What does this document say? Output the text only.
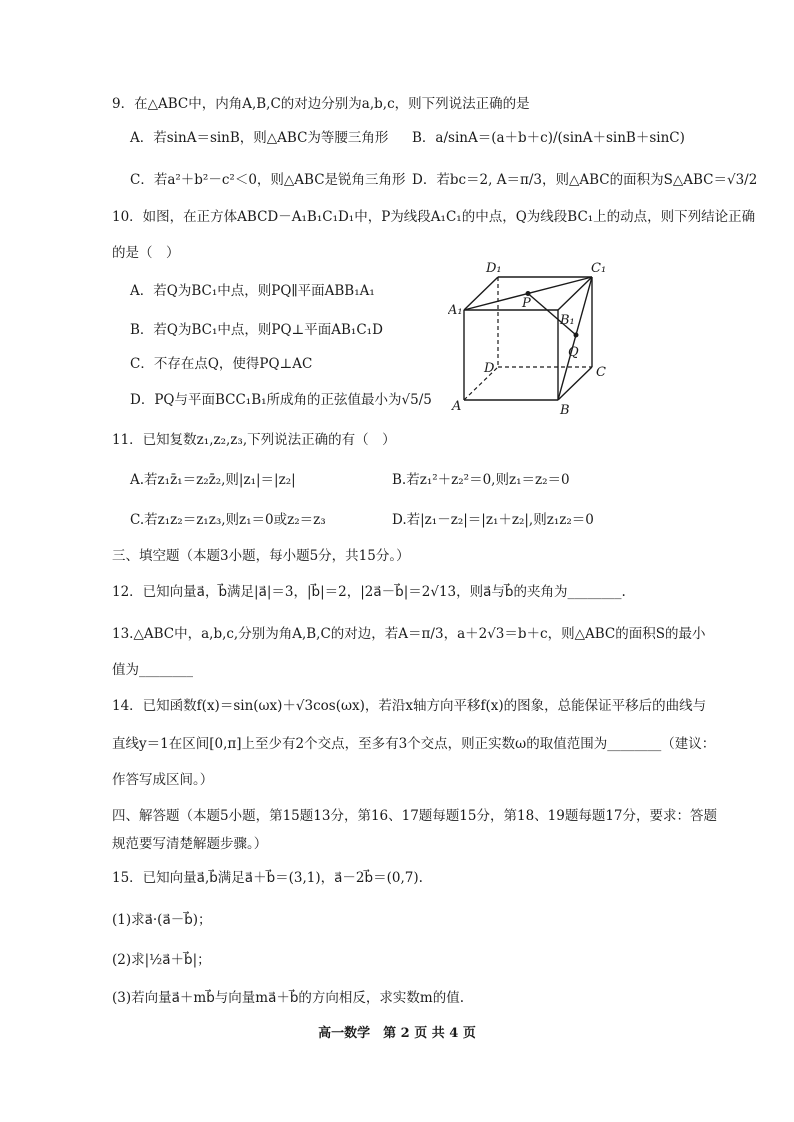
9．在△ABC中，内角A,B,C的对边分别为a,b,c，则下列说法正确的是
A．若sinA＝sinB，则△ABC为等腰三角形 B．a/sinA＝(a＋b＋c)/(sinA＋sinB＋sinC)
C．若a²＋b²－c²＜0，则△ABC是锐角三角形 D．若bc＝2, A＝π/3，则△ABC的面积为S△ABC＝√3/2
10．如图，在正方体ABCD－A₁B₁C₁D₁中，P为线段A₁C₁的中点，Q为线段BC₁上的动点，则下列结论正确
的是（　）
A．若Q为BC₁中点，则PQ∥平面ABB₁A₁
B．若Q为BC₁中点，则PQ⊥平面AB₁C₁D
C．不存在点Q，使得PQ⊥AC
D．PQ与平面BCC₁B₁所成角的正弦值最小为√5/5
D₁	C₁
A₁	P
B₁
D
Q
C
A	B
11．已知复数z₁,z₂,z₃,下列说法正确的有（　）
A.若z₁z̄₁＝z₂z̄₂,则|z₁|＝|z₂|	B.若z₁²＋z₂²＝0,则z₁＝z₂＝0
C.若z₁z₂＝z₁z₃,则z₁＝0或z₂＝z₃	D.若|z₁－z₂|＝|z₁＋z₂|,则z₁z₂＝0
三、填空题（本题3小题，每小题5分，共15分。）
12．已知向量a⃗，b⃗满足|a⃗|＝3，|b⃗|＝2，|2a⃗－b⃗|＝2√13，则a⃗与b⃗的夹角为________.
13.△ABC中，a,b,c,分别为角A,B,C的对边，若A＝π/3，a＋2√3＝b＋c，则△ABC的面积S的最小
值为________
14．已知函数f(x)＝sin(ωx)＋√3cos(ωx)，若沿x轴方向平移f(x)的图象，总能保证平移后的曲线与
直线y＝1在区间[0,π]上至少有2个交点，至多有3个交点，则正实数ω的取值范围为________（建议：
作答写成区间。）
四、解答题（本题5小题，第15题13分，第16、17题每题15分，第18、19题每题17分，要求：答题
规范要写清楚解题步骤。）
15．已知向量a⃗,b⃗满足a⃗＋b⃗＝(3,1)，a⃗－2b⃗＝(0,7).
(1)求a⃗·(a⃗－b⃗)；
(2)求|½a⃗＋b⃗|；
(3)若向量a⃗＋mb⃗与向量ma⃗＋b⃗的方向相反，求实数m的值.
高一数学　第 2 页 共 4 页
